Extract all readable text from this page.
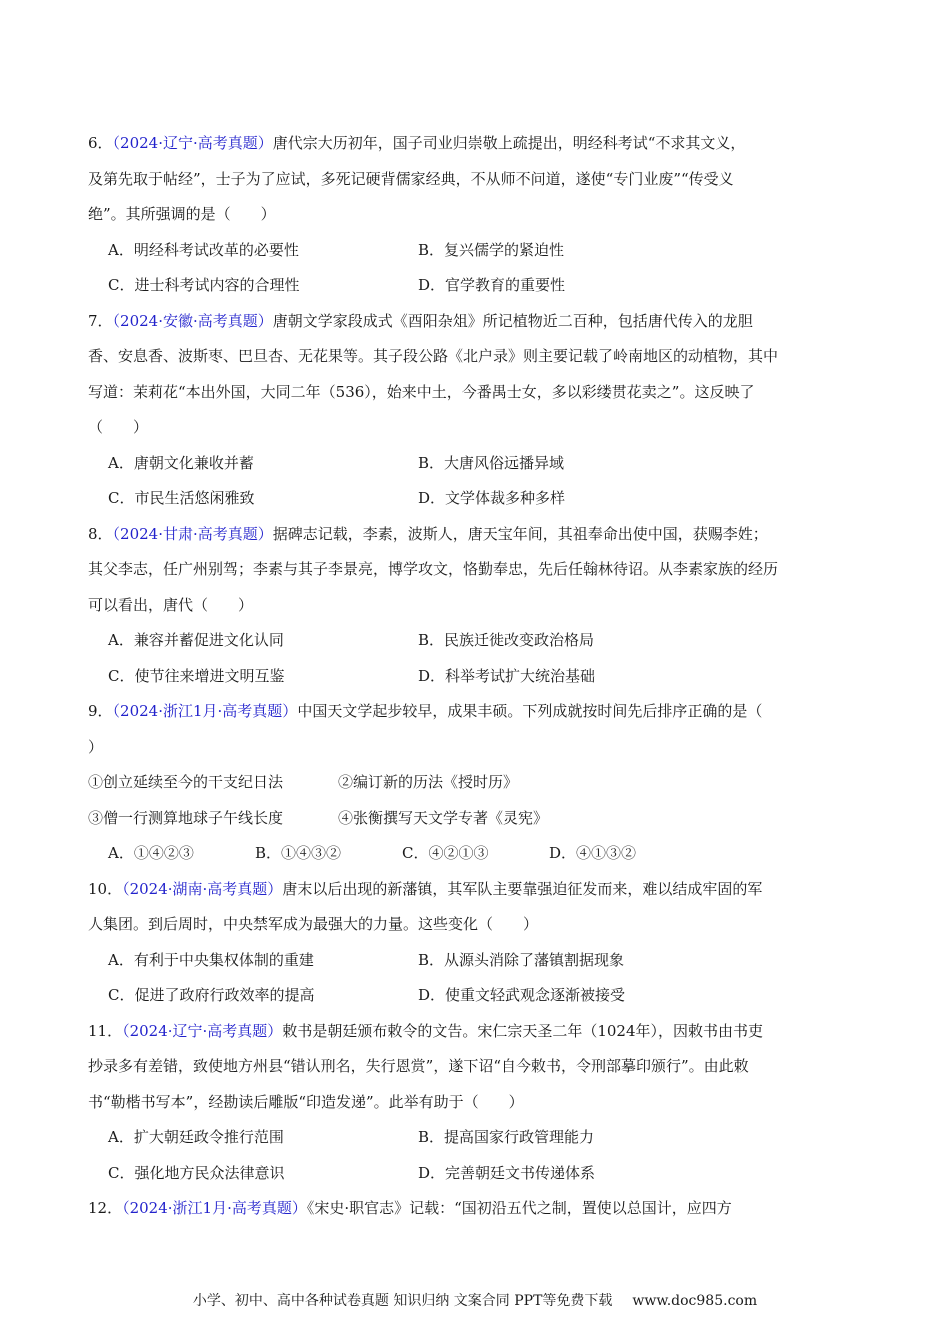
6．（2024·辽宁·高考真题）唐代宗大历初年，国子司业归崇敬上疏提出，明经科考试“不求其文义，
及第先取于帖经”，士子为了应试，多死记硬背儒家经典，不从师不问道，遂使“专门业废”“传受义
绝”。其所强调的是（　　）
A．明经科考试改革的必要性	B．复兴儒学的紧迫性
C．进士科考试内容的合理性	D．官学教育的重要性
7．（2024·安徽·高考真题）唐朝文学家段成式《酉阳杂俎》所记植物近二百种，包括唐代传入的龙胆
香、安息香、波斯枣、巴旦杏、无花果等。其子段公路《北户录》则主要记载了岭南地区的动植物，其中
写道：茉莉花“本出外国，大同二年（536），始来中土，今番禺士女，多以彩缕贯花卖之”。这反映了
（　　）
A．唐朝文化兼收并蓄	B．大唐风俗远播异域
C．市民生活悠闲雅致	D．文学体裁多种多样
8．（2024·甘肃·高考真题）据碑志记载，李素，波斯人，唐天宝年间，其祖奉命出使中国，获赐李姓；
其父李志，任广州别驾；李素与其子李景亮，博学攻文，恪勤奉忠，先后任翰林待诏。从李素家族的经历
可以看出，唐代（　　）
A．兼容并蓄促进文化认同	B．民族迁徙改变政治格局
C．使节往来增进文明互鉴	D．科举考试扩大统治基础
9．（2024·浙江1月·高考真题）中国天文学起步较早，成果丰硕。下列成就按时间先后排序正确的是（
）
①创立延续至今的干支纪日法	②编订新的历法《授时历》
③僧一行测算地球子午线长度	④张衡撰写天文学专著《灵宪》
A．①④②③	B．①④③②	C．④②①③	D．④①③②
10．（2024·湖南·高考真题）唐末以后出现的新藩镇，其军队主要靠强迫征发而来，难以结成牢固的军
人集团。到后周时，中央禁军成为最强大的力量。这些变化（　　）
A．有利于中央集权体制的重建	B．从源头消除了藩镇割据现象
C．促进了政府行政效率的提高	D．使重文轻武观念逐渐被接受
11．（2024·辽宁·高考真题）敕书是朝廷颁布敕令的文告。宋仁宗天圣二年（1024年），因敕书由书吏
抄录多有差错，致使地方州县“错认刑名，失行恩赏”，遂下诏“自今敕书，令刑部摹印颁行”。由此敕
书“勒楷书写本”，经勘读后雕版“印造发递”。此举有助于（　　）
A．扩大朝廷政令推行范围	B．提高国家行政管理能力
C．强化地方民众法律意识	D．完善朝廷文书传递体系
12．（2024·浙江1月·高考真题）《宋史·职官志》记载：“国初沿五代之制，置使以总国计，应四方
小学、初中、高中各种试卷真题 知识归纳 文案合同 PPT等免费下载 www.doc985.com
